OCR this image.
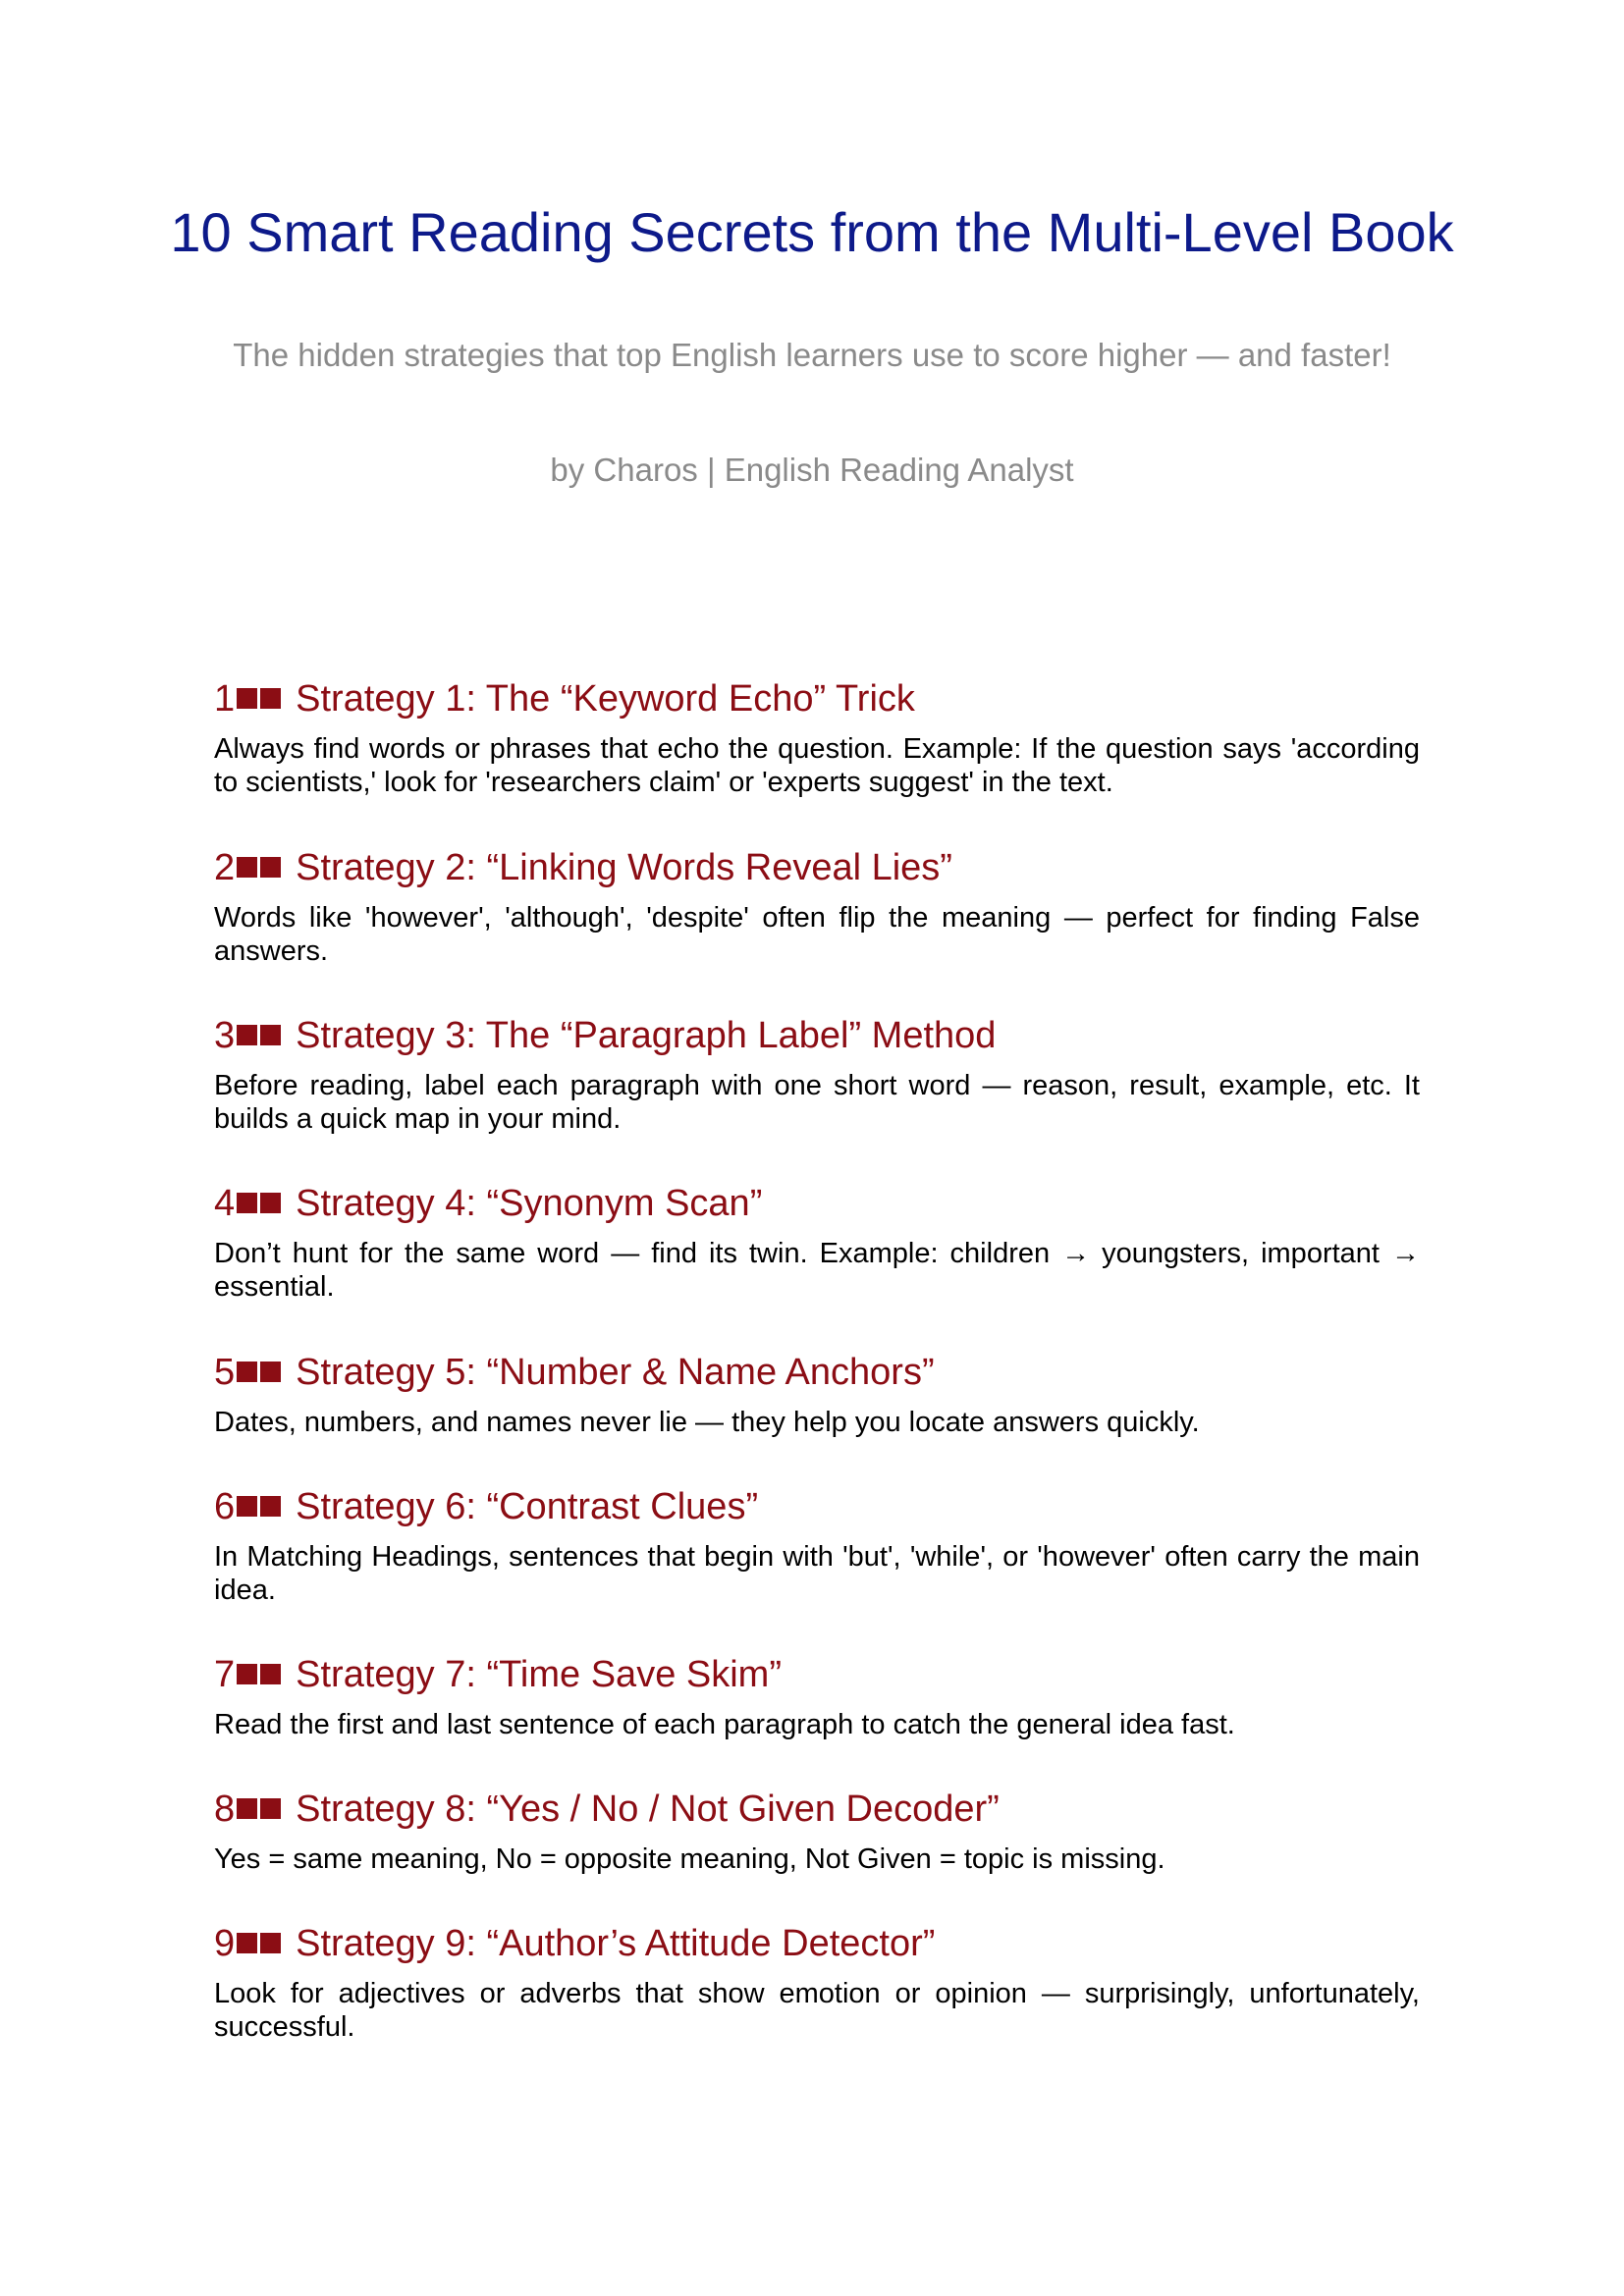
10 Smart Reading Secrets from the Multi-Level Book

The hidden strategies that top English learners use to score higher — and faster!

by Charos | English Reading Analyst

1 Strategy 1: The “Keyword Echo” Trick

Always find words or phrases that echo the question. Example: If the question says 'according to scientists,' look for 'researchers claim' or 'experts suggest' in the text.

2 Strategy 2: “Linking Words Reveal Lies”

Words like 'however', 'although', 'despite' often flip the meaning — perfect for finding False answers.

3 Strategy 3: The “Paragraph Label” Method

Before reading, label each paragraph with one short word — reason, result, example, etc. It builds a quick map in your mind.

4 Strategy 4: “Synonym Scan”

Don’t hunt for the same word — find its twin. Example: children → youngsters, important → essential.

5 Strategy 5: “Number & Name Anchors”

Dates, numbers, and names never lie — they help you locate answers quickly.

6 Strategy 6: “Contrast Clues”

In Matching Headings, sentences that begin with 'but', 'while', or 'however' often carry the main idea.

7 Strategy 7: “Time Save Skim”

Read the first and last sentence of each paragraph to catch the general idea fast.

8 Strategy 8: “Yes / No / Not Given Decoder”

Yes = same meaning, No = opposite meaning, Not Given = topic is missing.

9 Strategy 9: “Author’s Attitude Detector”

Look for adjectives or adverbs that show emotion or opinion — surprisingly, unfortunately, successful.
